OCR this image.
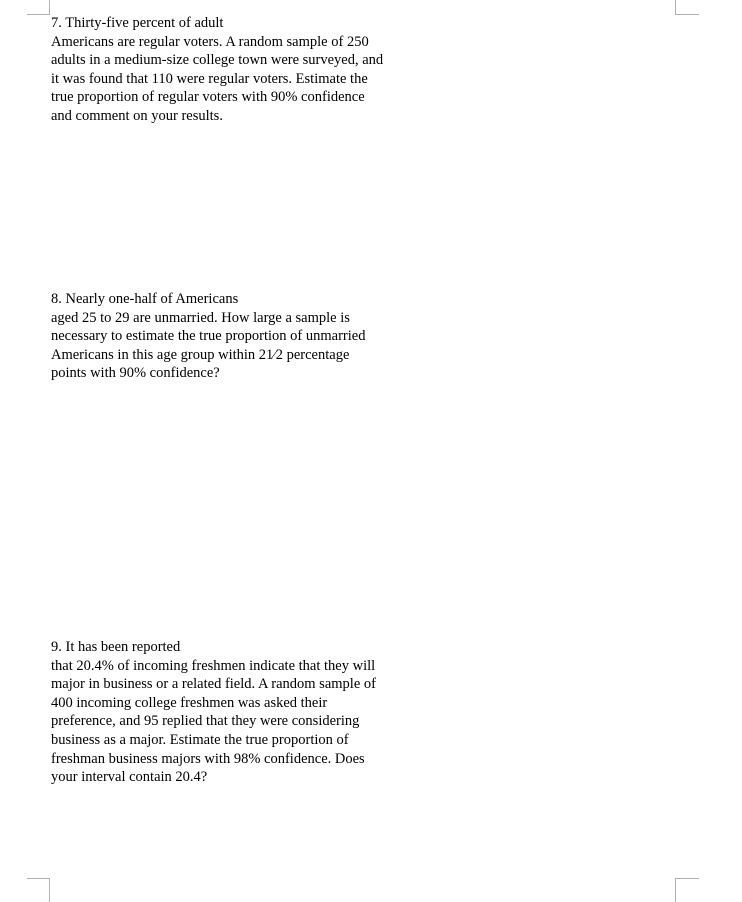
7. Thirty-five percent of adult
Americans are regular voters. A random sample of 250
adults in a medium-size college town were surveyed, and
it was found that 110 were regular voters. Estimate the
true proportion of regular voters with 90% confidence
and comment on your results.
8. Nearly one-half of Americans
aged 25 to 29 are unmarried. How large a sample is
necessary to estimate the true proportion of unmarried
Americans in this age group within 21⁄2 percentage
points with 90% confidence?
9. It has been reported
that 20.4% of incoming freshmen indicate that they will
major in business or a related field. A random sample of
400 incoming college freshmen was asked their
preference, and 95 replied that they were considering
business as a major. Estimate the true proportion of
freshman business majors with 98% confidence. Does
your interval contain 20.4?
